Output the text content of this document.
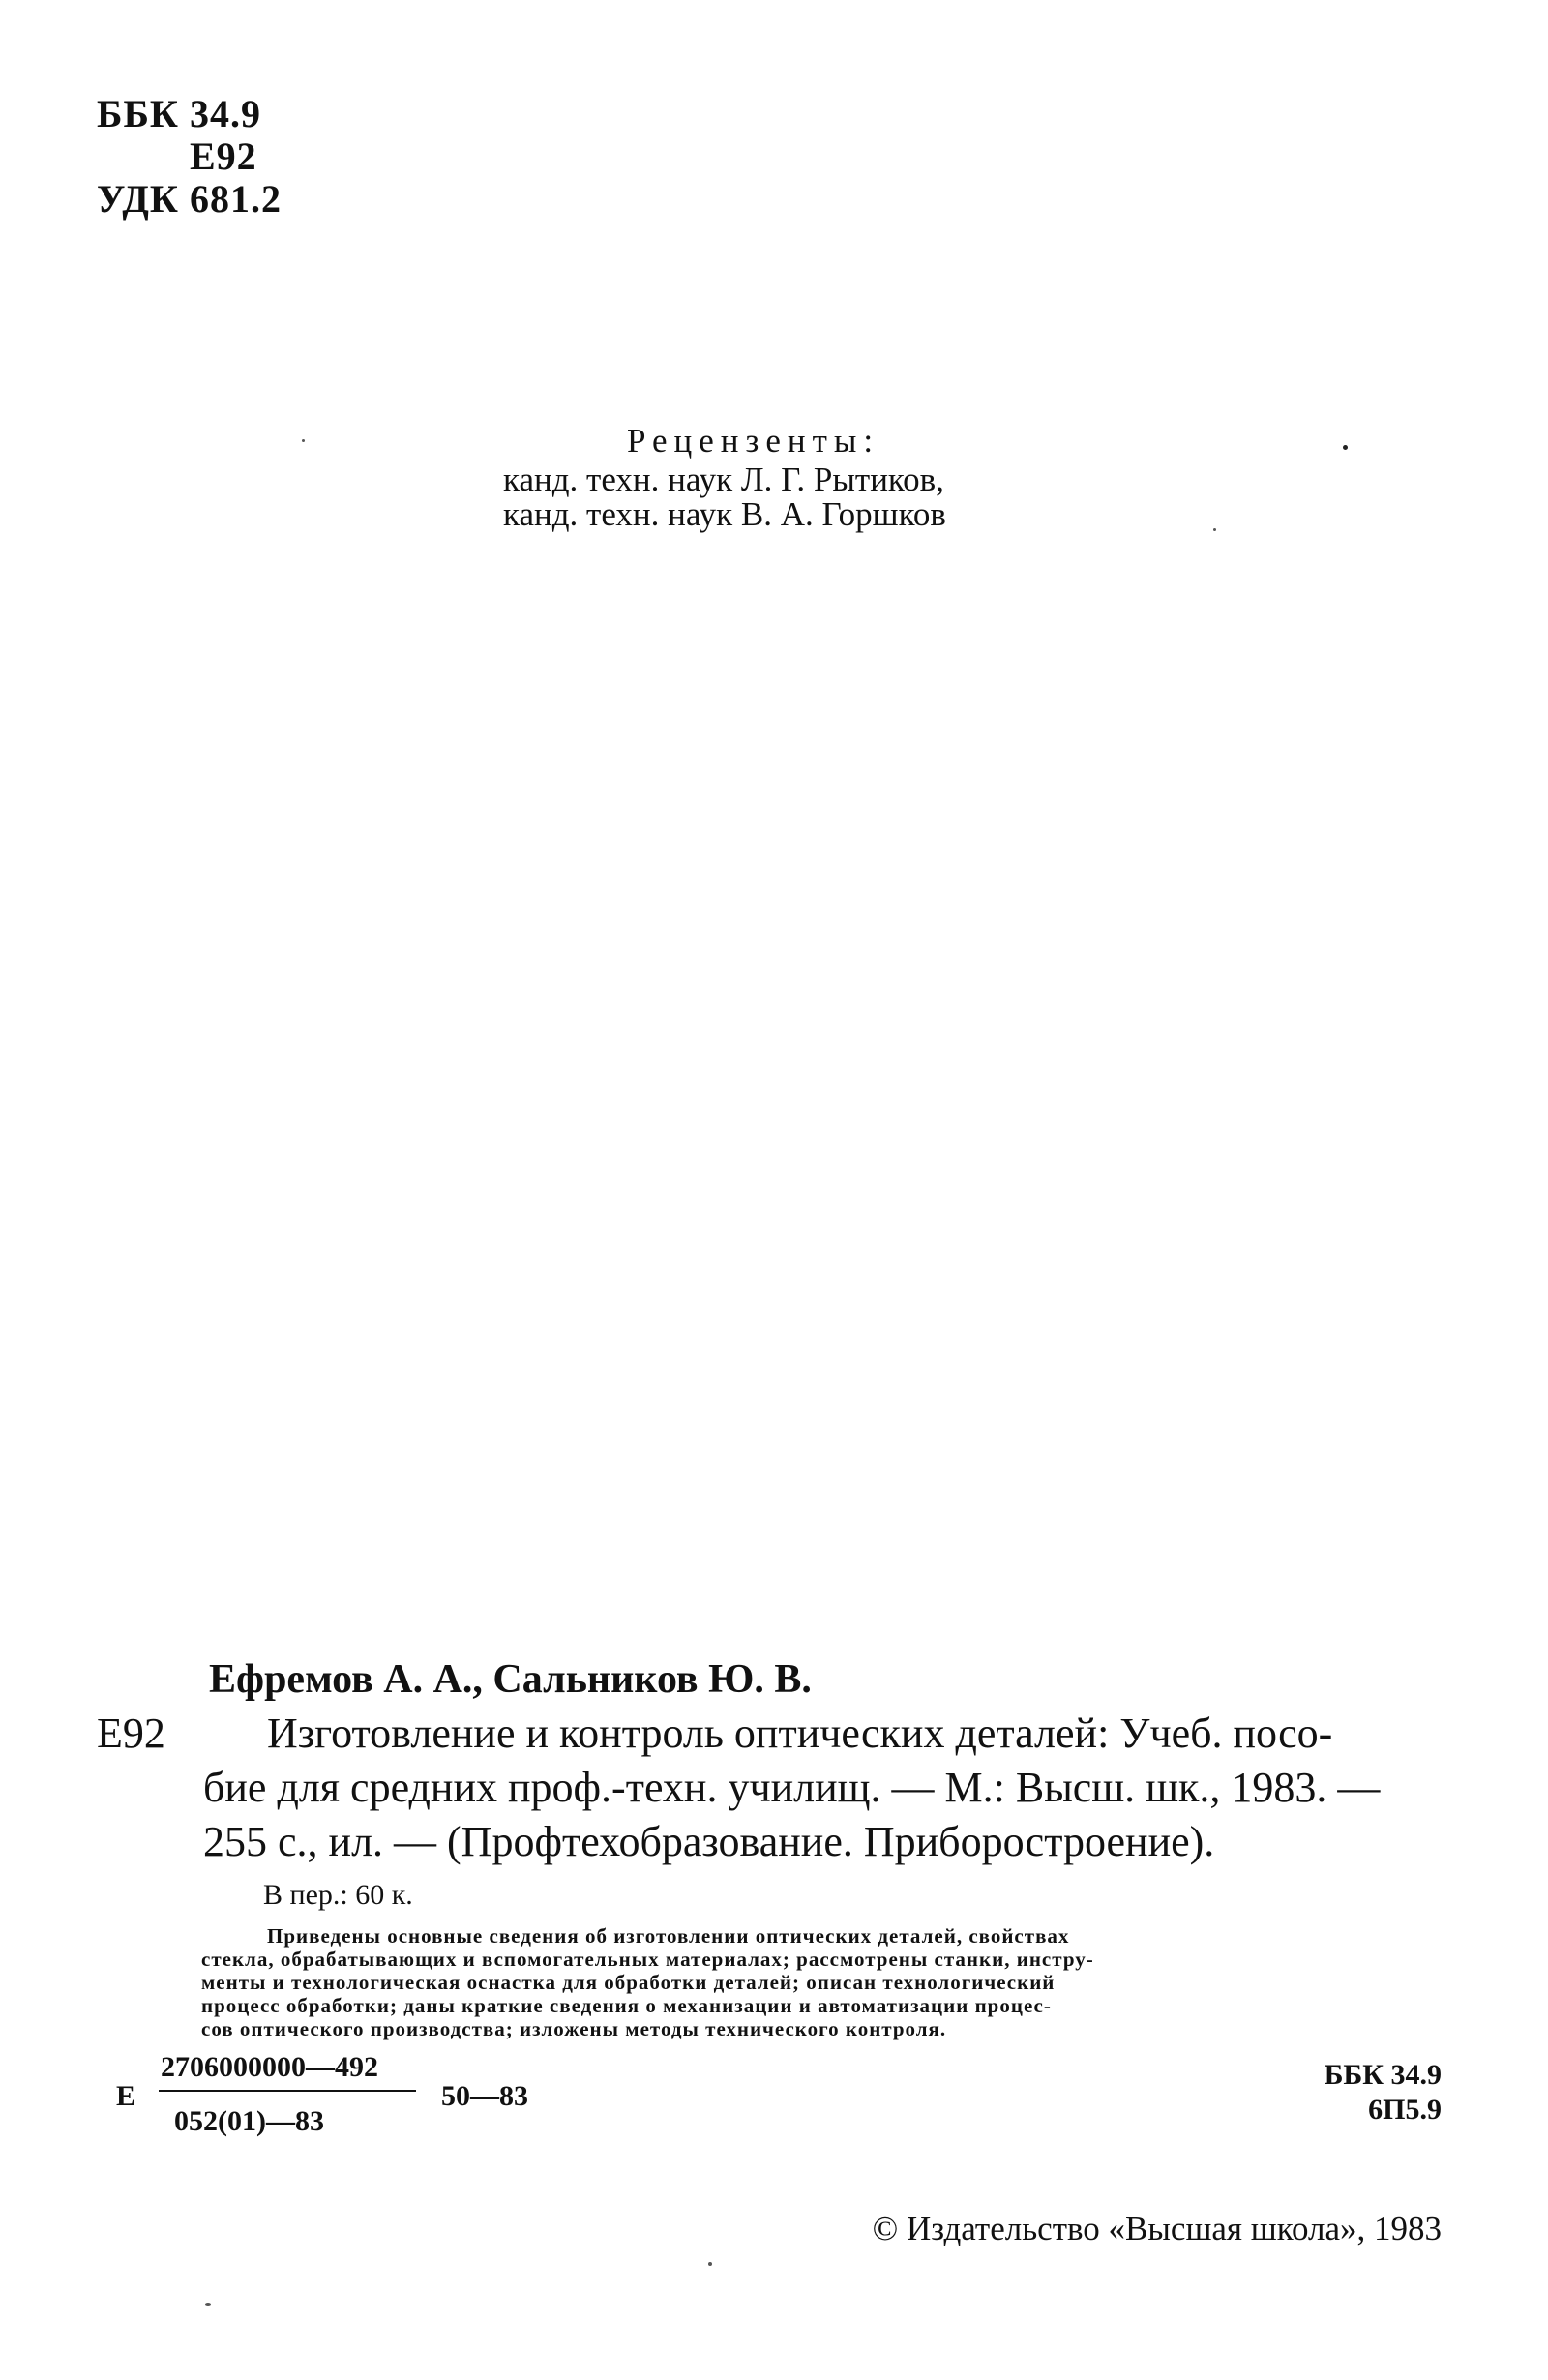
ББК 34.9
Е92
УДК 681.2
Рецензенты:
канд. техн. наук Л. Г. Рытиков,
канд. техн. наук В. А. Горшков
Ефремов А. А., Сальников Ю. В.
Е92 Изготовление и контроль оптических деталей: Учеб. посо-
бие для средних проф.-техн. училищ. — М.: Высш. шк., 1983. —
255 с., ил. — (Профтехобразование. Приборостроение).
В пер.: 60 к.
Приведены основные сведения об изготовлении оптических деталей, свойствах
стекла, обрабатывающих и вспомогательных материалах; рассмотрены станки, инстру-
менты и технологическая оснастка для обработки деталей; описан технологический
процесс обработки; даны краткие сведения о механизации и автоматизации процес-
сов оптического производства; изложены методы технического контроля.
Е
2706000000—492
052(01)—83
50—83
ББК 34.9
6П5.9
© Издательство «Высшая школа», 1983
